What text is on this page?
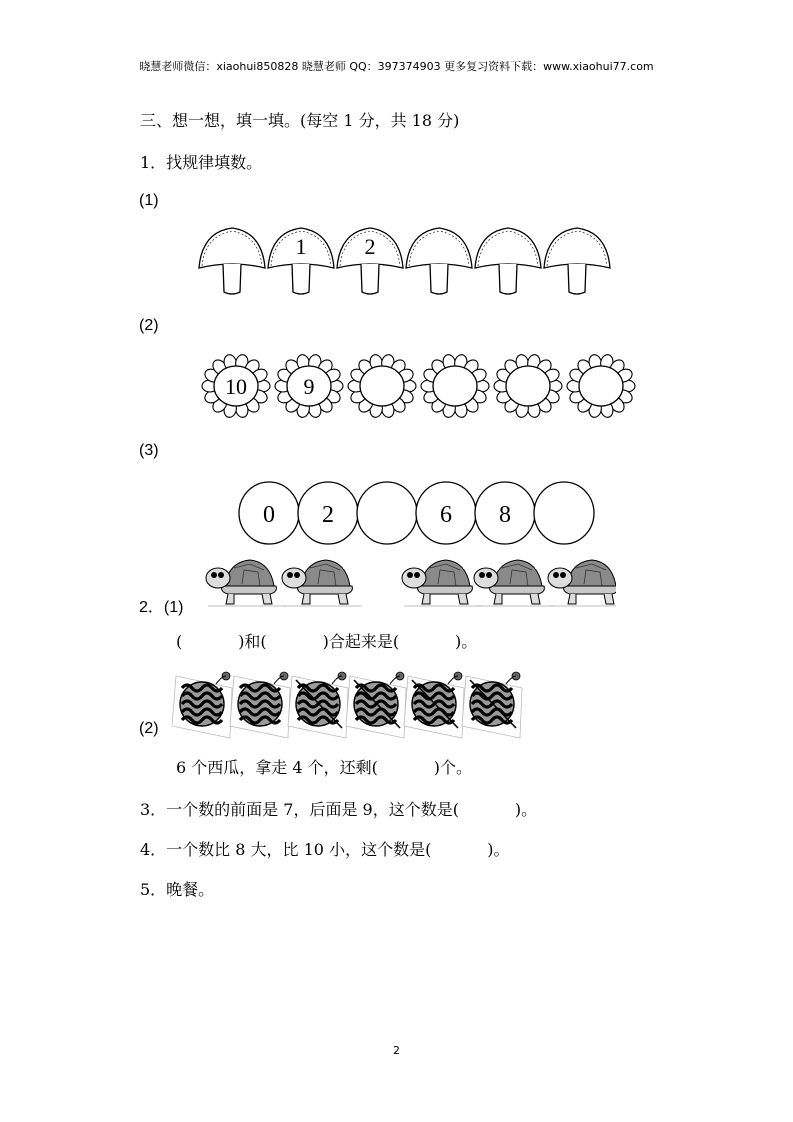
晓慧老师微信：xiaohui850828 晓慧老师 QQ：397374903 更多复习资料下载：www.xiaohui77.com
三、想一想，填一填。(每空 1 分，共 18 分)
1．找规律填数。
(1)
1	2
(2)
10	9
(3)
0 2	6 8
2．(1)
(           )和(           )合起来是(           )。
(2)
6 个西瓜，拿走 4 个，还剩(           )个。
3．一个数的前面是 7，后面是 9，这个数是(           )。
4．一个数比 8 大，比 10 小，这个数是(           )。
5．晚餐。
2
